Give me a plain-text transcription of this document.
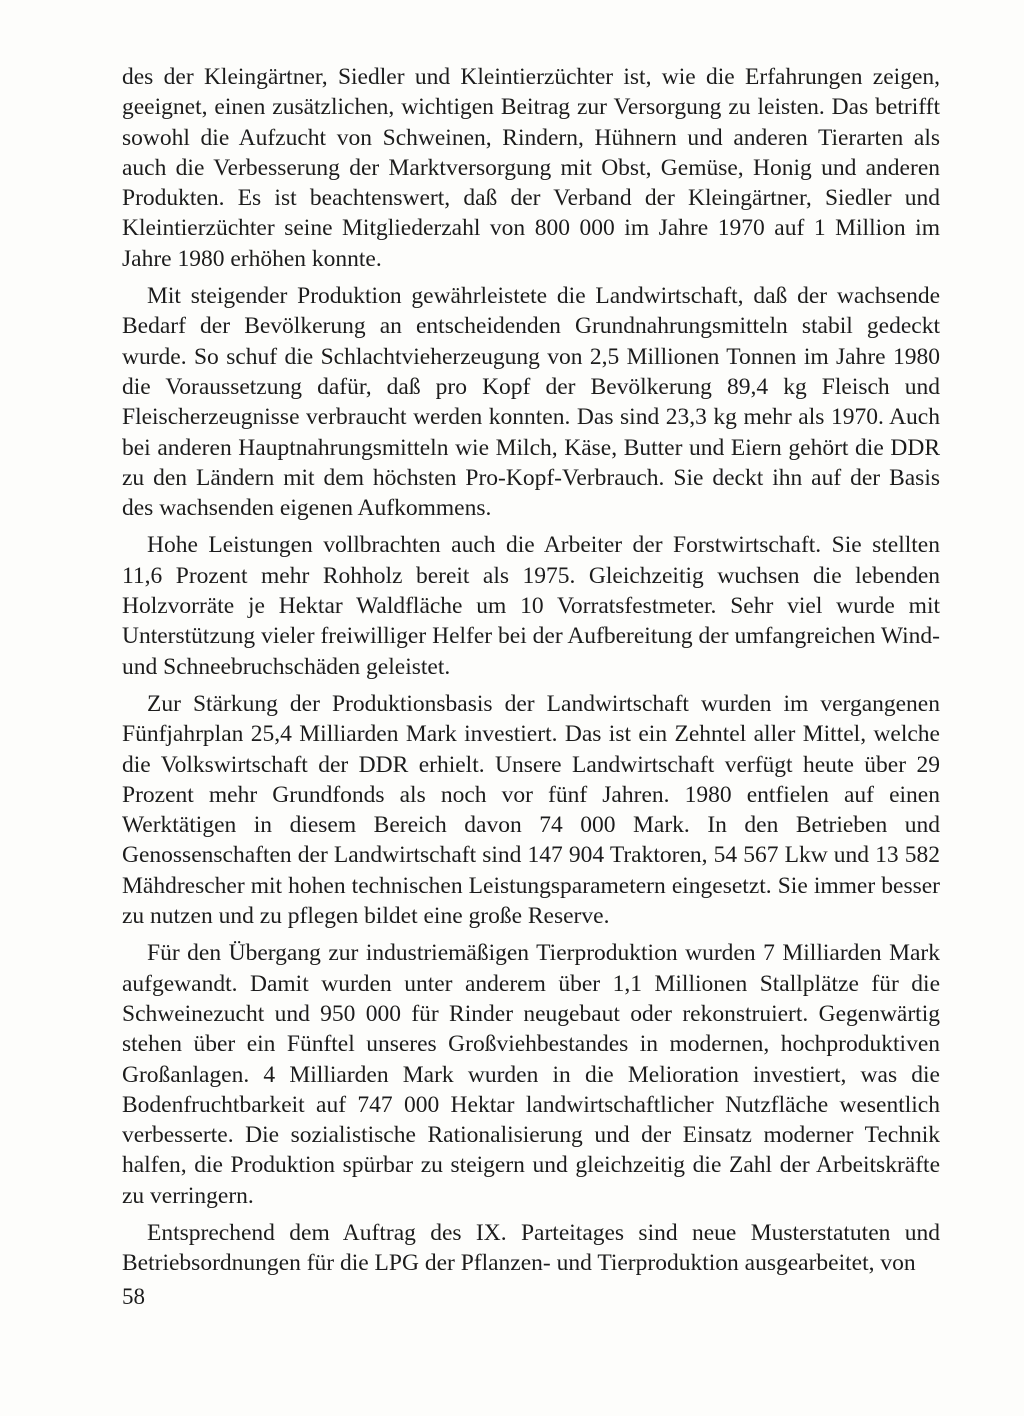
des der Kleingärtner, Siedler und Kleintierzüchter ist, wie die Erfahrungen zeigen, geeignet, einen zusätzlichen, wichtigen Beitrag zur Versorgung zu leisten. Das betrifft sowohl die Aufzucht von Schweinen, Rindern, Hühnern und anderen Tierarten als auch die Verbesserung der Marktversorgung mit Obst, Gemüse, Honig und anderen Produkten. Es ist beachtenswert, daß der Verband der Kleingärtner, Siedler und Kleintierzüchter seine Mitgliederzahl von 800 000 im Jahre 1970 auf 1 Million im Jahre 1980 erhöhen konnte.

Mit steigender Produktion gewährleistete die Landwirtschaft, daß der wachsende Bedarf der Bevölkerung an entscheidenden Grundnahrungsmitteln stabil gedeckt wurde. So schuf die Schlachtvieherzeugung von 2,5 Millionen Tonnen im Jahre 1980 die Voraussetzung dafür, daß pro Kopf der Bevölkerung 89,4 kg Fleisch und Fleischerzeugnisse verbraucht werden konnten. Das sind 23,3 kg mehr als 1970. Auch bei anderen Hauptnahrungsmitteln wie Milch, Käse, Butter und Eiern gehört die DDR zu den Ländern mit dem höchsten Pro-Kopf-Verbrauch. Sie deckt ihn auf der Basis des wachsenden eigenen Aufkommens.

Hohe Leistungen vollbrachten auch die Arbeiter der Forstwirtschaft. Sie stellten 11,6 Prozent mehr Rohholz bereit als 1975. Gleichzeitig wuchsen die lebenden Holzvorräte je Hektar Waldfläche um 10 Vorratsfestmeter. Sehr viel wurde mit Unterstützung vieler freiwilliger Helfer bei der Aufbereitung der umfangreichen Wind- und Schneebruchschäden geleistet.

Zur Stärkung der Produktionsbasis der Landwirtschaft wurden im vergangenen Fünfjahrplan 25,4 Milliarden Mark investiert. Das ist ein Zehntel aller Mittel, welche die Volkswirtschaft der DDR erhielt. Unsere Landwirtschaft verfügt heute über 29 Prozent mehr Grundfonds als noch vor fünf Jahren. 1980 entfielen auf einen Werktätigen in diesem Bereich davon 74 000 Mark. In den Betrieben und Genossenschaften der Landwirtschaft sind 147 904 Traktoren, 54 567 Lkw und 13 582 Mähdrescher mit hohen technischen Leistungsparametern eingesetzt. Sie immer besser zu nutzen und zu pflegen bildet eine große Reserve.

Für den Übergang zur industriemäßigen Tierproduktion wurden 7 Milliarden Mark aufgewandt. Damit wurden unter anderem über 1,1 Millionen Stallplätze für die Schweinezucht und 950 000 für Rinder neugebaut oder rekonstruiert. Gegenwärtig stehen über ein Fünftel unseres Großviehbestandes in modernen, hochproduktiven Großanlagen. 4 Milliarden Mark wurden in die Melioration investiert, was die Bodenfruchtbarkeit auf 747 000 Hektar landwirtschaftlicher Nutzfläche wesentlich verbesserte. Die sozialistische Rationalisierung und der Einsatz moderner Technik halfen, die Produktion spürbar zu steigern und gleichzeitig die Zahl der Arbeitskräfte zu verringern.

Entsprechend dem Auftrag des IX. Parteitages sind neue Musterstatuten und Betriebsordnungen für die LPG der Pflanzen- und Tierproduktion ausgearbeitet, von

58
